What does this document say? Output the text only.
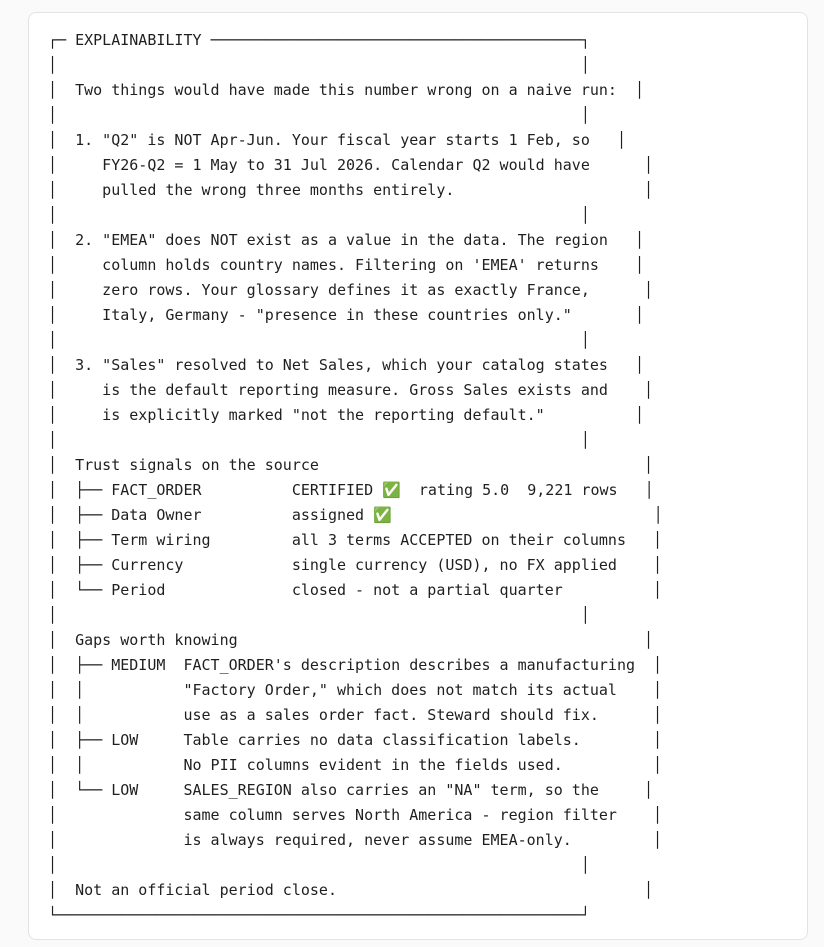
┌─ EXPLAINABILITY ─────────────────────────────────────────┐
│                                                          │
│  Two things would have made this number wrong on a naive run:  │
│                                                          │
│  1. "Q2" is NOT Apr-Jun. Your fiscal year starts 1 Feb, so   │
│     FY26-Q2 = 1 May to 31 Jul 2026. Calendar Q2 would have      │
│     pulled the wrong three months entirely.                     │
│                                                          │
│  2. "EMEA" does NOT exist as a value in the data. The region   │
│     column holds country names. Filtering on 'EMEA' returns    │
│     zero rows. Your glossary defines it as exactly France,      │
│     Italy, Germany - "presence in these countries only."       │
│                                                          │
│  3. "Sales" resolved to Net Sales, which your catalog states   │
│     is the default reporting measure. Gross Sales exists and    │
│     is explicitly marked "not the reporting default."          │
│                                                          │
│  Trust signals on the source                                    │
│  ├── FACT_ORDER          CERTIFIED ✅  rating 5.0  9,221 rows   │
│  ├── Data Owner          assigned ✅                             │
│  ├── Term wiring         all 3 terms ACCEPTED on their columns   │
│  ├── Currency            single currency (USD), no FX applied    │
│  └── Period              closed - not a partial quarter          │
│                                                          │
│  Gaps worth knowing                                             │
│  ├── MEDIUM  FACT_ORDER's description describes a manufacturing  │
│  │           "Factory Order," which does not match its actual    │
│  │           use as a sales order fact. Steward should fix.      │
│  ├── LOW     Table carries no data classification labels.        │
│  │           No PII columns evident in the fields used.          │
│  └── LOW     SALES_REGION also carries an "NA" term, so the     │
│              same column serves North America - region filter    │
│              is always required, never assume EMEA-only.         │
│                                                          │
│  Not an official period close.                                  │
└──────────────────────────────────────────────────────────┘
